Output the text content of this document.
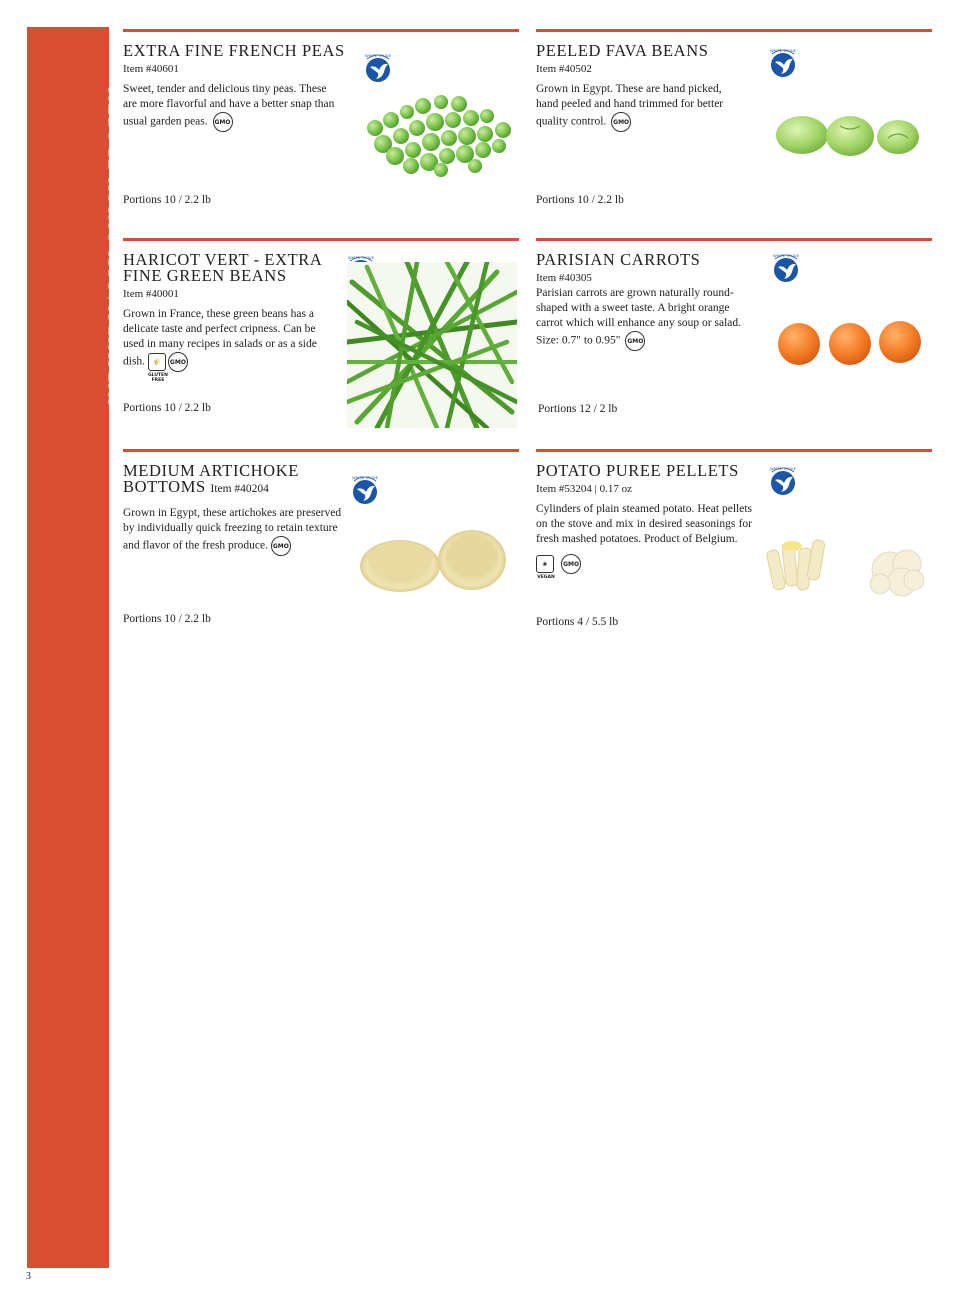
INDIVIDUALLY QUICK FROZEN
FROZEN SAVORY
3
EXTRA FINE FRENCH PEAS
Item #40601
Sweet, tender and delicious tiny peas. These are more flavorful and have a better snap than usual garden peas. GMO
Portions 10 / 2.2 lb
PEELED FAVA BEANS
Item #40502
Grown in Egypt. These are hand picked, hand peeled and hand trimmed for better quality control. GMO
Portions 10 / 2.2 lb
HARICOT VERT - EXTRA FINE GREEN BEANS
Item #40001
Grown in France, these green beans has a delicate taste and perfect cripness. Can be used in many recipes in salads or as a side dish. 🌾
GLUTEN FREE
GMO
Portions 10 / 2.2 lb
PARISIAN CARROTS
Item #40305
Parisian carrots are grown naturally round-shaped with a sweet taste. A bright orange carrot which will enhance any soup or salad. Size: 0.7" to 0.95" GMO
Portions 12 / 2 lb
MEDIUM ARTICHOKE BOTTOMS Item #40204
Grown in Egypt, these artichokes are preserved by individually quick freezing to retain texture and flavor of the fresh produce. GMO
Portions 10 / 2.2 lb
POTATO PUREE PELLETS
Item #53204 | 0.17 oz
Cylinders of plain steamed potato. Heat pellets on the stove and mix in desired seasonings for fresh mashed potatoes. Product of Belgium.
❀
VEGAN
GMO
Portions 4 / 5.5 lb
